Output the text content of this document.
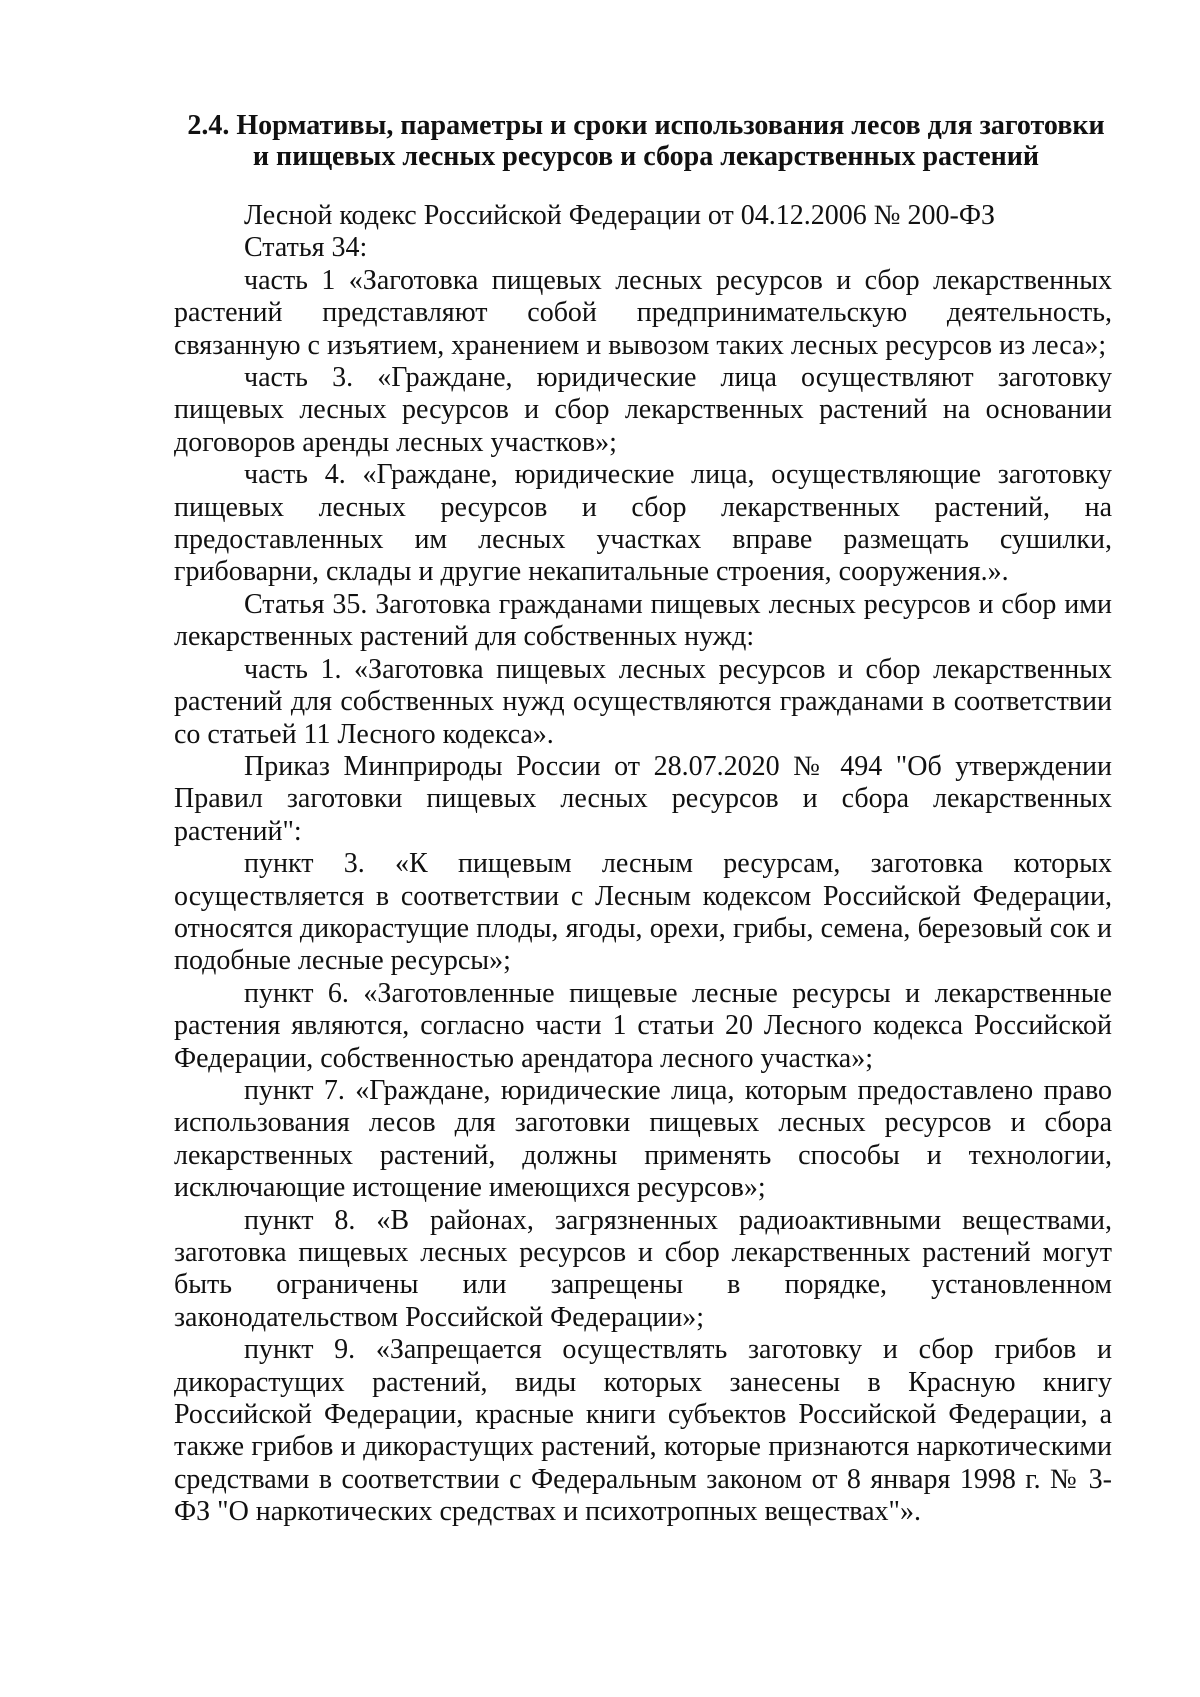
2.4. Нормативы, параметры и сроки использования лесов для заготовки
и пищевых лесных ресурсов и сбора лекарственных растений

Лесной кодекс Российской Федерации от 04.12.2006 № 200-ФЗ

Статья 34:

часть 1 «Заготовка пищевых лесных ресурсов и сбор лекарственных растений представляют собой предпринимательскую деятельность, связанную с изъятием, хранением и вывозом таких лесных ресурсов из леса»;

часть 3. «Граждане, юридические лица осуществляют заготовку пищевых лесных ресурсов и сбор лекарственных растений на основании договоров аренды лесных участков»;

часть 4. «Граждане, юридические лица, осуществляющие заготовку пищевых лесных ресурсов и сбор лекарственных растений, на предоставленных им лесных участках вправе размещать сушилки, грибоварни, склады и другие некапитальные строения, сооружения.».

Статья 35. Заготовка гражданами пищевых лесных ресурсов и сбор ими лекарственных растений для собственных нужд:

часть 1. «Заготовка пищевых лесных ресурсов и сбор лекарственных растений для собственных нужд осуществляются гражданами в соответствии со статьей 11 Лесного кодекса».

Приказ Минприроды России от 28.07.2020 № 494 "Об утверждении Правил заготовки пищевых лесных ресурсов и сбора лекарственных растений":

пункт 3. «К пищевым лесным ресурсам, заготовка которых осуществляется в соответствии с Лесным кодексом Российской Федерации, относятся дикорастущие плоды, ягоды, орехи, грибы, семена, березовый сок и подобные лесные ресурсы»;

пункт 6. «Заготовленные пищевые лесные ресурсы и лекарственные растения являются, согласно части 1 статьи 20 Лесного кодекса Российской Федерации, собственностью арендатора лесного участка»;

пункт 7. «Граждане, юридические лица, которым предоставлено право использования лесов для заготовки пищевых лесных ресурсов и сбора лекарственных растений, должны применять способы и технологии, исключающие истощение имеющихся ресурсов»;

пункт 8. «В районах, загрязненных радиоактивными веществами, заготовка пищевых лесных ресурсов и сбор лекарственных растений могут быть ограничены или запрещены в порядке, установленном законодательством Российской Федерации»;

пункт 9. «Запрещается осуществлять заготовку и сбор грибов и дикорастущих растений, виды которых занесены в Красную книгу Российской Федерации, красные книги субъектов Российской Федерации, а также грибов и дикорастущих растений, которые признаются наркотическими средствами в соответствии с Федеральным законом от 8 января 1998 г. № 3-ФЗ "О наркотических средствах и психотропных веществах"».
